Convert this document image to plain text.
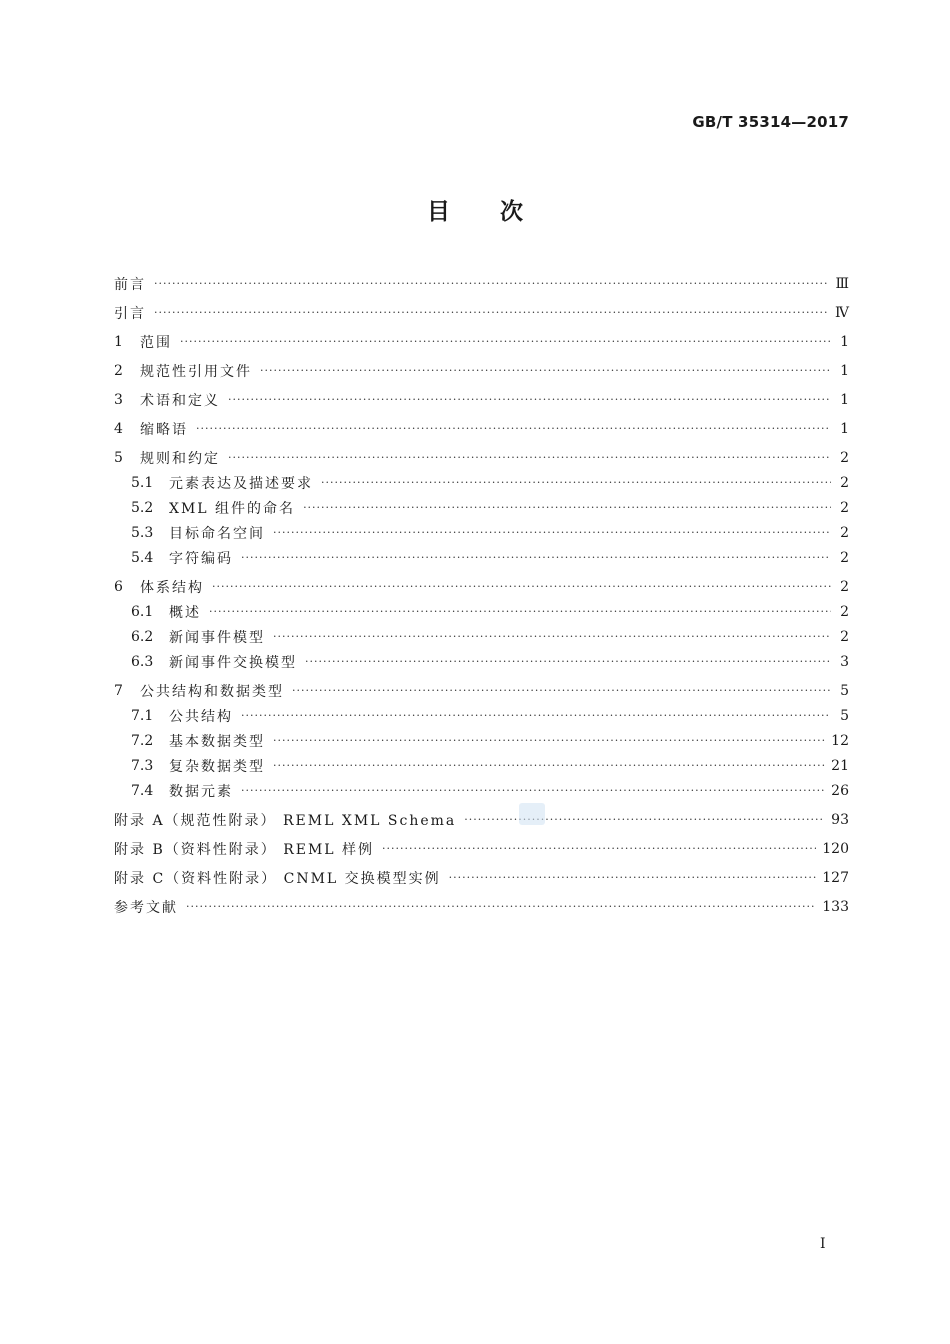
GB/T 35314—2017
目次
前言 ·····	Ⅲ
引言 ·····	Ⅳ
1	范围 ·····	1
2	规范性引用文件 ·····	1
3	术语和定义 ·····	1
4	缩略语 ·····	1
5	规则和约定 ·····	2
5.1	元素表达及描述要求 ·····	2
5.2	XML 组件的命名 ·····	2
5.3	目标命名空间 ·····	2
5.4	字符编码 ·····	2
6	体系结构 ·····	2
6.1	概述 ·····	2
6.2	新闻事件模型 ·····	2
6.3	新闻事件交换模型 ·····	3
7	公共结构和数据类型 ·····	5
7.1	公共结构 ·····	5
7.2	基本数据类型 ·····	12
7.3	复杂数据类型 ·····	21
7.4	数据元素 ·····	26
附录 A（规范性附录） REML XML Schema ·····	93
附录 B（资料性附录） REML 样例 ·····	120
附录 C（资料性附录） CNML 交换模型实例 ·····	127
参考文献 ·····	133
I
